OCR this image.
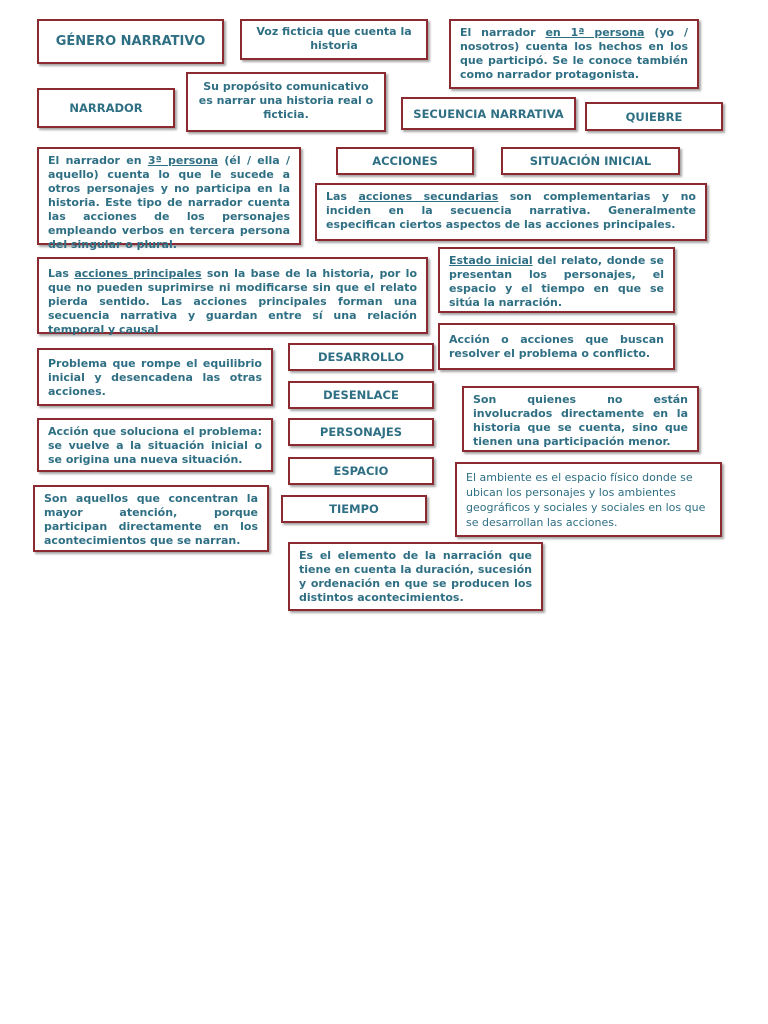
GÉNERO NARRATIVO
Voz ficticia que cuenta la historia
El narrador en 1ª persona (yo / nosotros) cuenta los hechos en los que participó. Se le conoce también como narrador protagonista.
Su propósito comunicativo es narrar una historia real o ficticia.
NARRADOR	SECUENCIA NARRATIVA	QUIEBRE
El narrador en 3ª persona (él / ella / aquello) cuenta lo que le sucede a otros personajes y no participa en la historia. Este tipo de narrador cuenta las acciones de los personajes empleando verbos en tercera persona del singular o plural.
ACCIONES	SITUACIÓN INICIAL
Las acciones secundarias son complementarias y no inciden en la secuencia narrativa. Generalmente especifican ciertos aspectos de las acciones principales.
Estado inicial del relato, donde se presentan los personajes, el espacio y el tiempo en que se sitúa la narración.
Las acciones principales son la base de la historia, por lo que no pueden suprimirse ni modificarse sin que el relato pierda sentido. Las acciones principales forman una secuencia narrativa y guardan entre sí una relación temporal y causal
Acción o acciones que buscan resolver el problema o conflicto.
DESARROLLO
Problema que rompe el equilibrio inicial y desencadena las otras acciones.	DESENLACE	Son quienes no están involucrados directamente en la historia que se cuenta, sino que tienen una participación menor.
Acción que soluciona el problema: se vuelve a la situación inicial o se origina una nueva situación.
PERSONAJES
ESPACIO	El ambiente es el espacio físico donde se ubican los personajes y los ambientes geográficos y sociales y sociales en los que se desarrollan las acciones.
Son aquellos que concentran la mayor atención, porque participan directamente en los acontecimientos que se narran.
TIEMPO
Es el elemento de la narración que tiene en cuenta la duración, sucesión y ordenación en que se producen los distintos acontecimientos.
